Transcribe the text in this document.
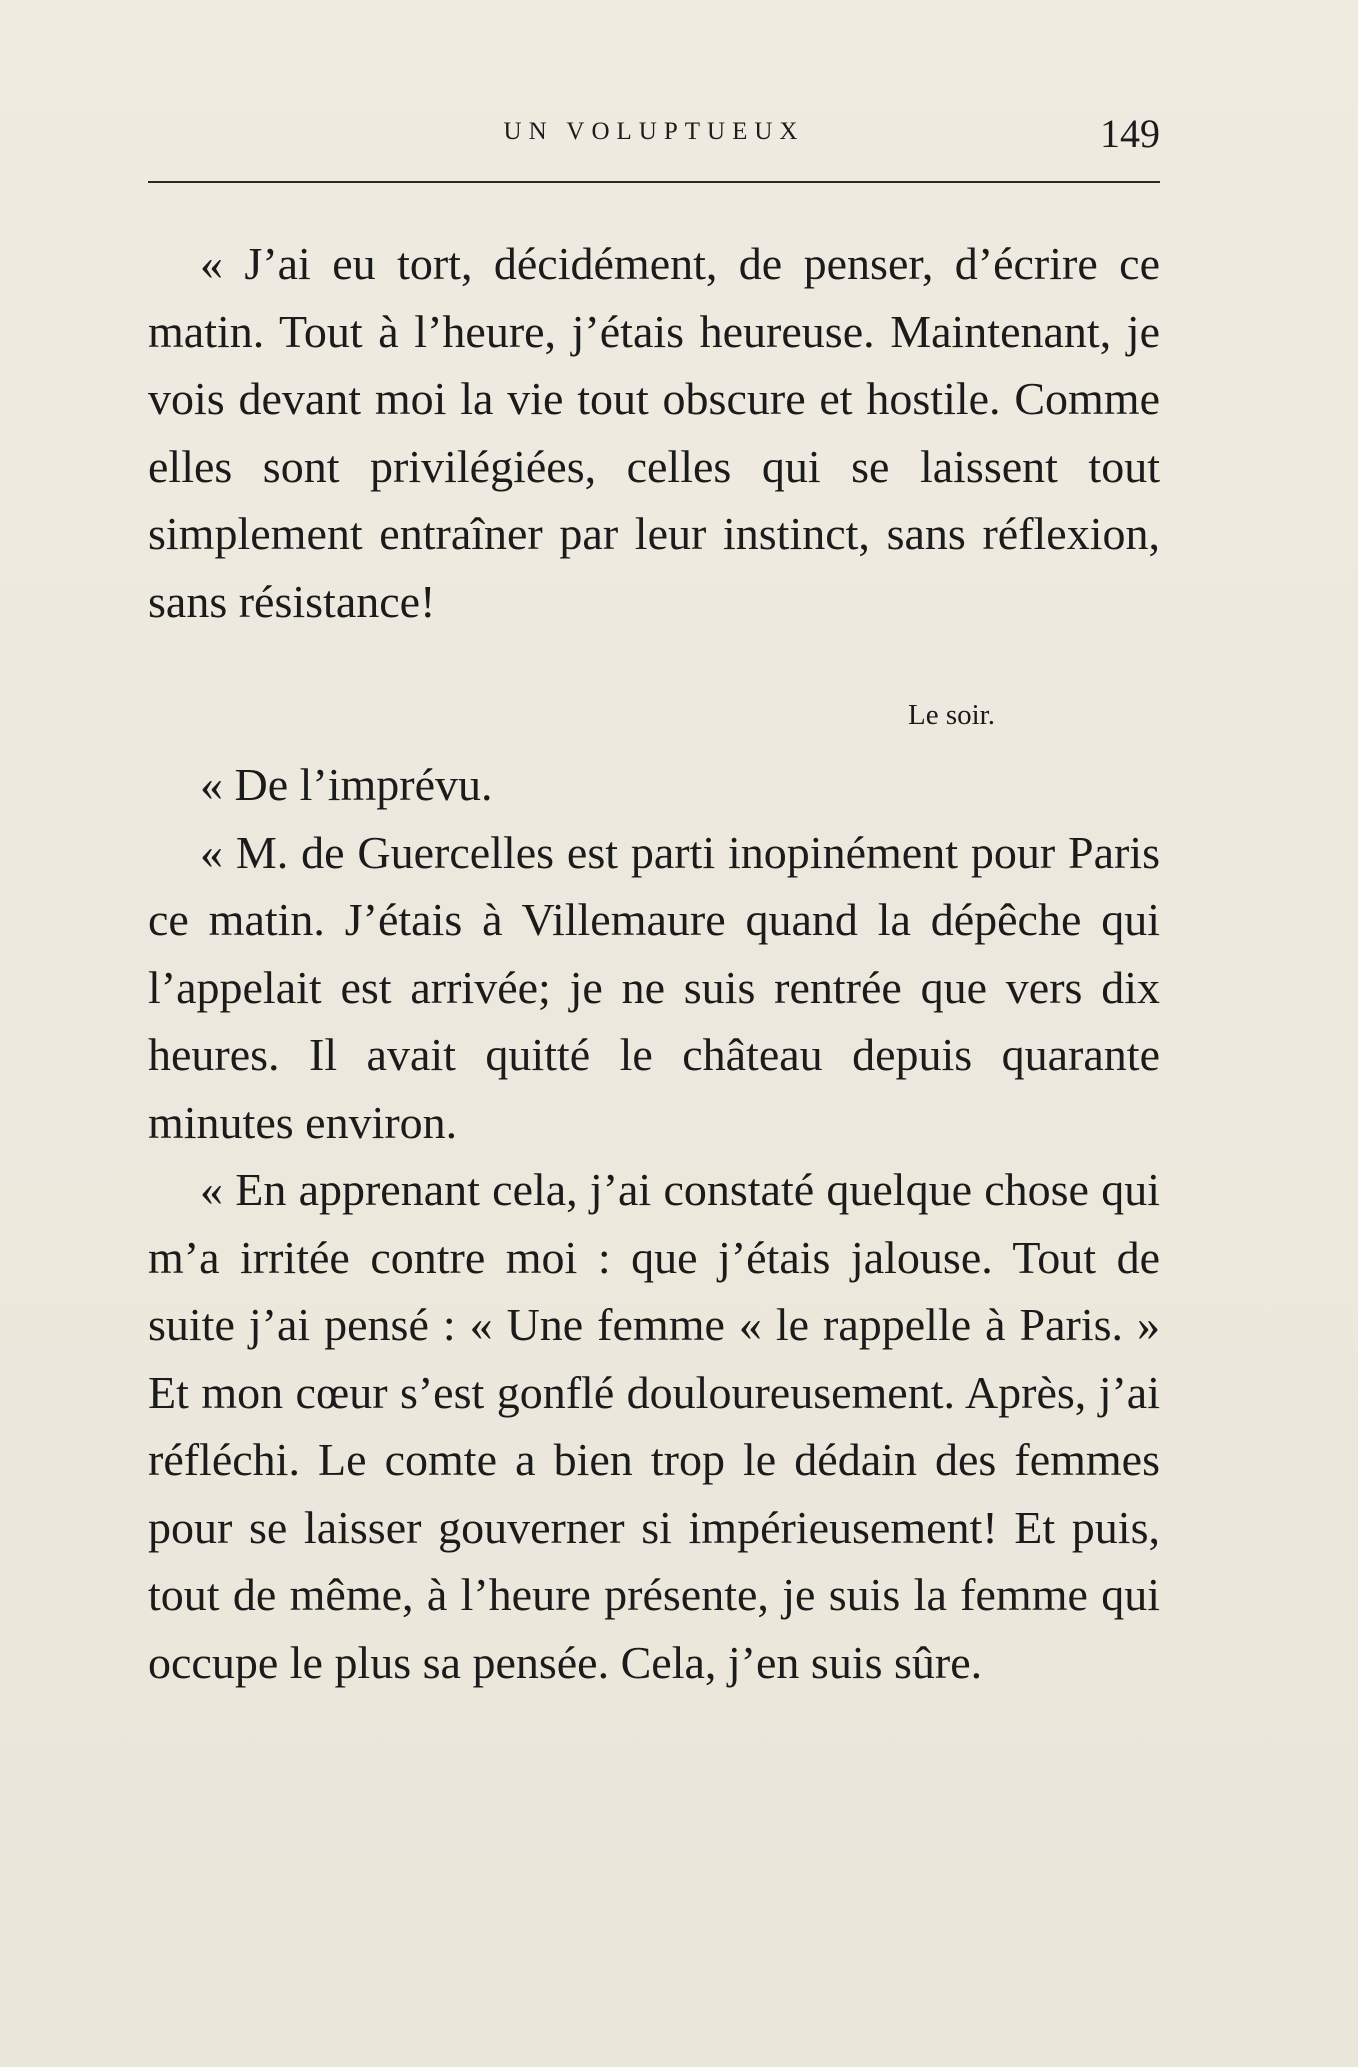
UN VOLUPTUEUX	149

« J’ai eu tort, décidément, de penser, d’écrire ce matin. Tout à l’heure, j’étais heureuse. Maintenant, je vois devant moi la vie tout obscure et hostile. Comme elles sont privilégiées, celles qui se laissent tout simplement entraîner par leur instinct, sans réflexion, sans résistance!

Le soir.

« De l’imprévu.

« M. de Guercelles est parti inopinément pour Paris ce matin. J’étais à Villemaure quand la dépêche qui l’appelait est arrivée; je ne suis rentrée que vers dix heures. Il avait quitté le château depuis quarante minutes environ.

« En apprenant cela, j’ai constaté quelque chose qui m’a irritée contre moi : que j’étais jalouse. Tout de suite j’ai pensé : « Une femme « le rappelle à Paris. » Et mon cœur s’est gonflé douloureusement. Après, j’ai réfléchi. Le comte a bien trop le dédain des femmes pour se laisser gouverner si impérieusement! Et puis, tout de même, à l’heure présente, je suis la femme qui occupe le plus sa pensée. Cela, j’en suis sûre.
